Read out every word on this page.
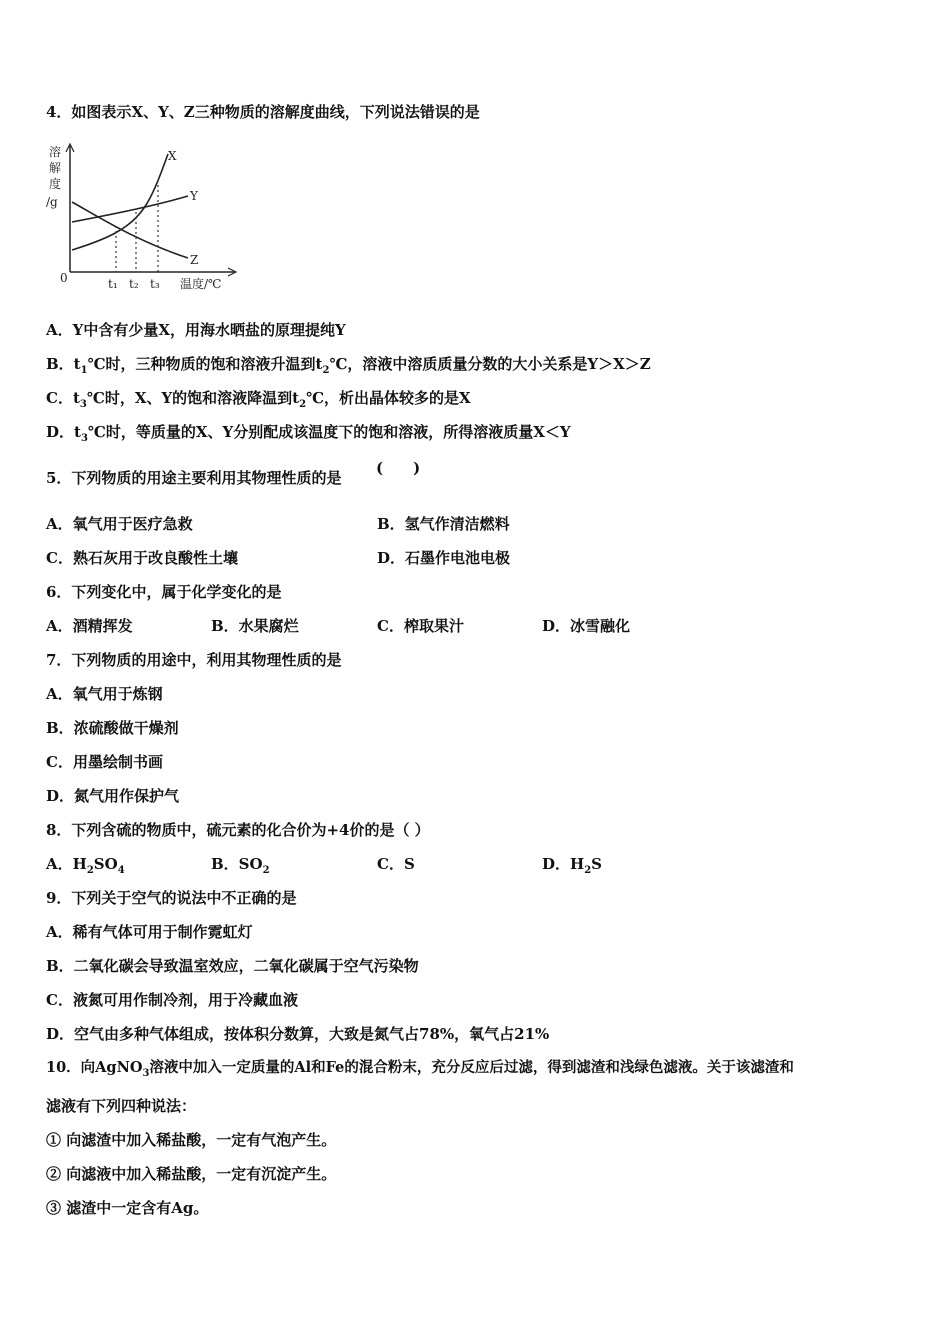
4．如图表示X、Y、Z三种物质的溶解度曲线，下列说法错误的是
溶
解
度
/g
0
X
Y
Z
t₁ t₂ t₃ 温度/℃
A．Y中含有少量X，用海水晒盐的原理提纯Y
B．$t_1℃$时，三种物质的饱和溶液升温到$t_2℃$，溶液中溶质质量分数的大小关系是Y＞X＞Z
C．$t_3℃$时，X、Y的饱和溶液降温到$t_2℃$，析出晶体较多的是X
D．$t_3℃$时，等质量的X、Y分别配成该温度下的饱和溶液，所得溶液质量X＜Y
5．下列物质的用途主要利用其物理性质的是
(　　)
A．氧气用于医疗急救	B．氢气作清洁燃料
C．熟石灰用于改良酸性土壤	D．石墨作电池电极
6．下列变化中，属于化学变化的是
A．酒精挥发	B．水果腐烂	C．榨取果汁	D．冰雪融化
7．下列物质的用途中，利用其物理性质的是
A．氧气用于炼钢
B．浓硫酸做干燥剂
C．用墨绘制书画
D．氮气用作保护气
8．下列含硫的物质中，硫元素的化合价为+4价的是（ ）
A．$H_2SO_4$	B．$SO_2$	C．S	D．$H_2S$
9．下列关于空气的说法中不正确的是
A．稀有气体可用于制作霓虹灯
B．二氧化碳会导致温室效应，二氧化碳属于空气污染物
C．液氮可用作制冷剂，用于冷藏血液
D．空气由多种气体组成，按体积分数算，大致是氮气占78%，氧气占21%
10．向AgNO$_3$溶液中加入一定质量的Al和Fe的混合粉末，充分反应后过滤，得到滤渣和浅绿色滤液。关于该滤渣和
滤液有下列四种说法：
① 向滤渣中加入稀盐酸，一定有气泡产生。
② 向滤液中加入稀盐酸，一定有沉淀产生。
③ 滤渣中一定含有Ag。
